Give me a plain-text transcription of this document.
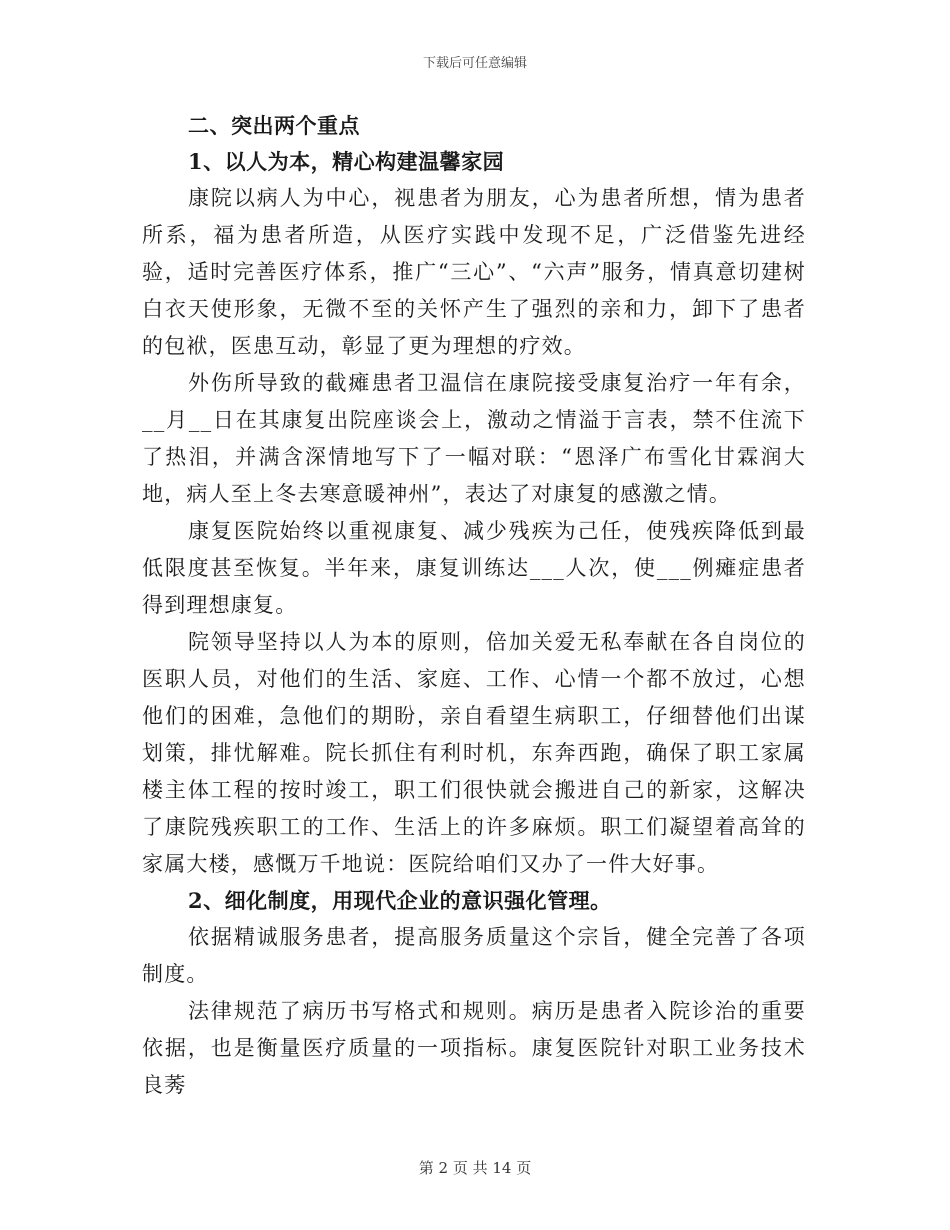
下载后可任意编辑

二、突出两个重点

1、以人为本，精心构建温馨家园

康院以病人为中心，视患者为朋友，心为患者所想，情为患者所系，福为患者所造，从医疗实践中发现不足，广泛借鉴先进经验，适时完善医疗体系，推广“三心”、“六声”服务，情真意切建树白衣天使形象，无微不至的关怀产生了强烈的亲和力，卸下了患者的包袱，医患互动，彰显了更为理想的疗效。

外伤所导致的截瘫患者卫温信在康院接受康复治疗一年有余，__月__日在其康复出院座谈会上，激动之情溢于言表，禁不住流下了热泪，并满含深情地写下了一幅对联：“恩泽广布雪化甘霖润大地，病人至上冬去寒意暖神州”，表达了对康复的感激之情。

康复医院始终以重视康复、减少残疾为己任，使残疾降低到最低限度甚至恢复。半年来，康复训练达___人次，使___例瘫症患者得到理想康复。

院领导坚持以人为本的原则，倍加关爱无私奉献在各自岗位的医职人员，对他们的生活、家庭、工作、心情一个都不放过，心想他们的困难，急他们的期盼，亲自看望生病职工，仔细替他们出谋划策，排忧解难。院长抓住有利时机，东奔西跑，确保了职工家属楼主体工程的按时竣工，职工们很快就会搬进自己的新家，这解决了康院残疾职工的工作、生活上的许多麻烦。职工们凝望着高耸的家属大楼，感慨万千地说：医院给咱们又办了一件大好事。

2、细化制度，用现代企业的意识强化管理。

依据精诚服务患者，提高服务质量这个宗旨，健全完善了各项制度。

法律规范了病历书写格式和规则。病历是患者入院诊治的重要依据，也是衡量医疗质量的一项指标。康复医院针对职工业务技术良莠

第 2 页 共 14 页
